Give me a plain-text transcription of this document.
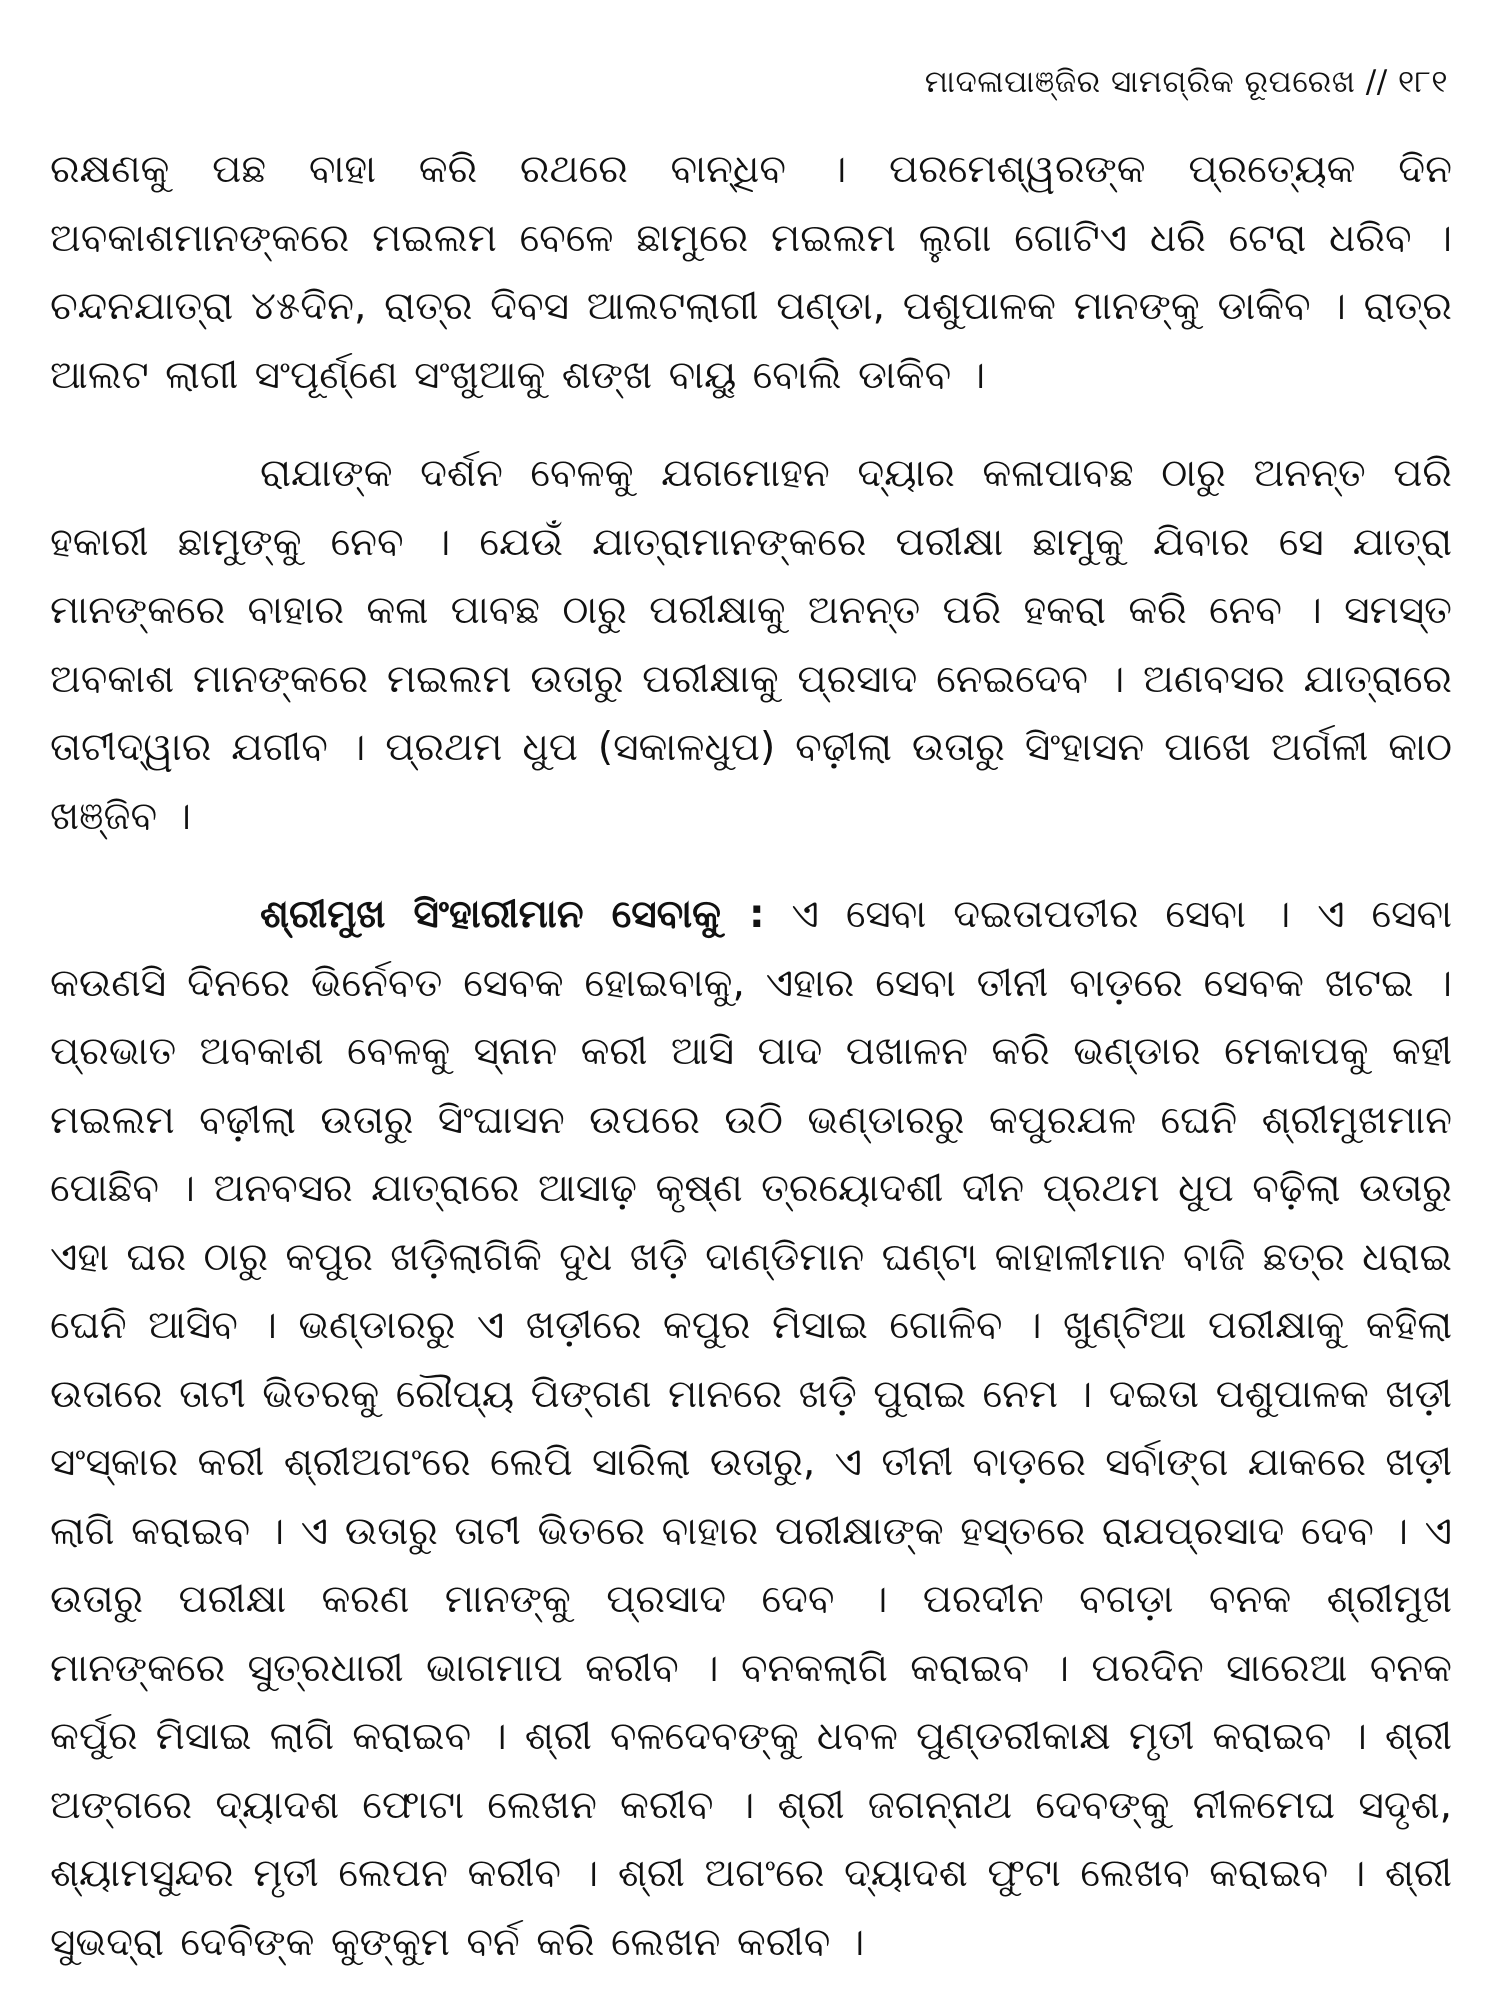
ମାଦଳାପାଞ୍ଜିର ସାମଗ୍ରିକ ରୂପରେଖ // ୧୮୧

ରକ୍ଷଣକୁ ପଛ ବାହା କରି ରଥରେ ବାନ୍ଧିବ । ପରମେଶ୍ୱରଙ୍କ ପ୍ରତ୍ୟେକ ଦିନ ଅବକାଶମାନଙ୍କରେ ମଇଲମ ବେଳେ ଛାମୁରେ ମଇଲମ ଲୁଗା ଗୋଟିଏ ଧରି ଟେରା ଧରିବ । ଚନ୍ଦନଯାତ୍ରା ୪୫ଦିନ, ରାତ୍ର ଦିବସ ଆଲଟଲାଗୀ ପଣ୍ଡା, ପଶୁପାଳକ ମାନଙ୍କୁ ଡାକିବ । ରାତ୍ର ଆଲଟ ଲାଗୀ ସଂପୂର୍ଣ୍ଣେ ସଂଖୁଆକୁ ଶଙ୍ଖ ବାୟୁ ବୋଲି ଡାକିବ ।

ରାଯାଙ୍କ ଦର୍ଶନ ବେଳକୁ ଯଗମୋହନ ଦ୍ୟାର କଳାପାବଛ ଠାରୁ ଅନନ୍ତ ପରି ହକାରୀ ଛାମୁଙ୍କୁ ନେବ । ଯେଉଁ ଯାତ୍ରାମାନଙ୍କରେ ପରୀକ୍ଷା ଛାମୁକୁ ଯିବାର ସେ ଯାତ୍ରା ମାନଙ୍କରେ ବାହାର କଳା ପାବଛ ଠାରୁ ପରୀକ୍ଷାକୁ ଅନନ୍ତ ପରି ହକରା କରି ନେବ । ସମସ୍ତ ଅବକାଶ ମାନଙ୍କରେ ମଇଲମ ଉତାରୁ ପରୀକ୍ଷାକୁ ପ୍ରସାଦ ନେଇଦେବ । ଅଣବସର ଯାତ୍ରାରେ ତାଟୀଦ୍ୱାର ଯଗୀବ । ପ୍ରଥମ ଧୁପ (ସକାଳଧୁପ) ବଢ଼ୀଲା ଉତାରୁ ସିଂହାସନ ପାଖେ ଅର୍ଗଳୀ କାଠ ଖଞ୍ଜିବ ।

ଶ୍ରୀମୁଖ ସିଂହାରୀମାନ ସେବାକୁ : ଏ ସେବା ଦଇତାପତୀର ସେବା । ଏ ସେବା କଉଣସି ଦିନରେ ଭିର୍ନେବତ ସେବକ ହୋଇବାକୁ, ଏହାର ସେବା ତୀନୀ ବାଡ଼ରେ ସେବକ ଖଟଇ । ପ୍ରଭାତ ଅବକାଶ ବେଳକୁ ସ୍ନାନ କରୀ ଆସି ପାଦ ପଖାଳନ କରି ଭଣ୍ଡାର ମେକାପକୁ କହୀ ମଇଲମ ବଢ଼ୀଲା ଉତାରୁ ସିଂଘାସନ ଉପରେ ଉଠି ଭଣ୍ଡାରରୁ କପୁରଯଳ ଘେନି ଶ୍ରୀମୁଖମାନ ପୋଛିବ । ଅନବସର ଯାତ୍ରାରେ ଆସାଢ଼ କୃଷ୍ଣ ତ୍ରୟୋଦଶୀ ଦୀନ ପ୍ରଥମ ଧୁପ ବଢ଼ିଲା ଉତାରୁ ଏହା ଘର ଠାରୁ କପୁର ଖଡ଼ିଲାଗିକି ଦୁଧ ଖଡ଼ି ଦାଣ୍ଡିମାନ ଘଣ୍ଟା କାହାଳୀମାନ ବାଜି ଛତ୍ର ଧରାଇ ଘେନି ଆସିବ । ଭଣ୍ଡାରରୁ ଏ ଖଡ଼ୀରେ କପୁର ମିସାଇ ଗୋଳିବ । ଖୁଣ୍ଟିଆ ପରୀକ୍ଷାକୁ କହିଲା ଉତାରେ ତାଟୀ ଭିତରକୁ ରୌପ୍ୟ ପିଙ୍ଗଣ ମାନରେ ଖଡ଼ି ପୁରାଇ ନେମ । ଦଇତା ପଶୁପାଳକ ଖଡ଼ୀ ସଂସ୍କାର କରୀ ଶ୍ରୀଅଗଂରେ ଲେପି ସାରିଲା ଉତାରୁ, ଏ ତୀନୀ ବାଡ଼ରେ ସର୍ବାଙ୍ଗ ଯାକରେ ଖଡ଼ୀ ଲାଗି କରାଇବ । ଏ ଉତାରୁ ତାଟୀ ଭିତରେ ବାହାର ପରୀକ୍ଷାଙ୍କ ହସ୍ତରେ ରାଯପ୍ରସାଦ ଦେବ । ଏ ଉତାରୁ ପରୀକ୍ଷା କରଣ ମାନଙ୍କୁ ପ୍ରସାଦ ଦେବ । ପରଦୀନ ବଗଡ଼ା ବନକ ଶ୍ରୀମୁଖ ମାନଙ୍କରେ ସୁତ୍ରଧାରୀ ଭାଗମାପ କରୀବ । ବନକଲାଗି କରାଇବ । ପରଦିନ ସାରେଆ ବନକ କର୍ପୁର ମିସାଇ ଲାଗି କରାଇବ । ଶ୍ରୀ ବଳଦେବଙ୍କୁ ଧବଳ ପୁଣ୍ଡରୀକାକ୍ଷ ମୃତୀ କରାଇବ । ଶ୍ରୀ ଅଙ୍ଗରେ ଦ୍ୟାଦଶ ଫୋଟା ଲେଖନ କରୀବ । ଶ୍ରୀ ଜଗନ୍ନାଥ ଦେବଙ୍କୁ ନୀଳମେଘ ସଦୃଶ, ଶ୍ୟାମସୁନ୍ଦର ମୃତୀ ଲେପନ କରୀବ । ଶ୍ରୀ ଅଗଂରେ ଦ୍ୟାଦଶ ଫୁଟା ଲେଖବ କରାଇବ । ଶ୍ରୀ ସୁଭଦ୍ରା ଦେବିଙ୍କ କୁଙ୍କୁମ ବର୍ନ କରି ଲେଖନ କରୀବ ।
